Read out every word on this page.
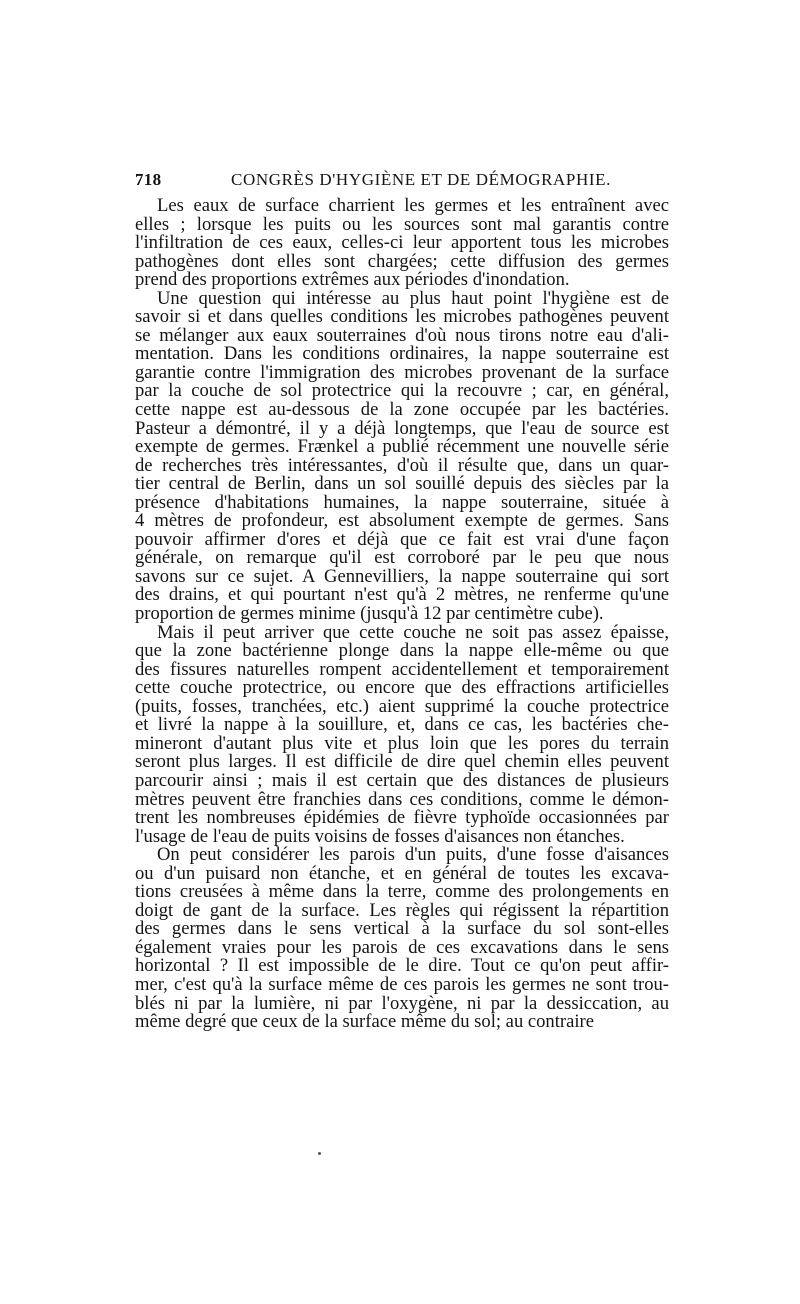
718	CONGRÈS D'HYGIÈNE ET DE DÉMOGRAPHIE.
Les eaux de surface charrient les germes et les entraînent avec
elles ; lorsque les puits ou les sources sont mal garantis contre
l'infiltration de ces eaux, celles-ci leur apportent tous les microbes
pathogènes dont elles sont chargées; cette diffusion des germes
prend des proportions extrêmes aux périodes d'inondation.
Une question qui intéresse au plus haut point l'hygiène est de
savoir si et dans quelles conditions les microbes pathogènes peuvent
se mélanger aux eaux souterraines d'où nous tirons notre eau d'ali-
mentation. Dans les conditions ordinaires, la nappe souterraine est
garantie contre l'immigration des microbes provenant de la surface
par la couche de sol protectrice qui la recouvre ; car, en général,
cette nappe est au-dessous de la zone occupée par les bactéries.
Pasteur a démontré, il y a déjà longtemps, que l'eau de source est
exempte de germes. Frænkel a publié récemment une nouvelle série
de recherches très intéressantes, d'où il résulte que, dans un quar-
tier central de Berlin, dans un sol souillé depuis des siècles par la
présence d'habitations humaines, la nappe souterraine, située à
4 mètres de profondeur, est absolument exempte de germes. Sans
pouvoir affirmer d'ores et déjà que ce fait est vrai d'une façon
générale, on remarque qu'il est corroboré par le peu que nous
savons sur ce sujet. A Gennevilliers, la nappe souterraine qui sort
des drains, et qui pourtant n'est qu'à 2 mètres, ne renferme qu'une
proportion de germes minime (jusqu'à 12 par centimètre cube).
Mais il peut arriver que cette couche ne soit pas assez épaisse,
que la zone bactérienne plonge dans la nappe elle-même ou que
des fissures naturelles rompent accidentellement et temporairement
cette couche protectrice, ou encore que des effractions artificielles
(puits, fosses, tranchées, etc.) aient supprimé la couche protectrice
et livré la nappe à la souillure, et, dans ce cas, les bactéries che-
mineront d'autant plus vite et plus loin que les pores du terrain
seront plus larges. Il est difficile de dire quel chemin elles peuvent
parcourir ainsi ; mais il est certain que des distances de plusieurs
mètres peuvent être franchies dans ces conditions, comme le démon-
trent les nombreuses épidémies de fièvre typhoïde occasionnées par
l'usage de l'eau de puits voisins de fosses d'aisances non étanches.
On peut considérer les parois d'un puits, d'une fosse d'aisances
ou d'un puisard non étanche, et en général de toutes les excava-
tions creusées à même dans la terre, comme des prolongements en
doigt de gant de la surface. Les règles qui régissent la répartition
des germes dans le sens vertical à la surface du sol sont-elles
également vraies pour les parois de ces excavations dans le sens
horizontal ? Il est impossible de le dire. Tout ce qu'on peut affir-
mer, c'est qu'à la surface même de ces parois les germes ne sont trou-
blés ni par la lumière, ni par l'oxygène, ni par la dessiccation, au
même degré que ceux de la surface même du sol; au contraire
